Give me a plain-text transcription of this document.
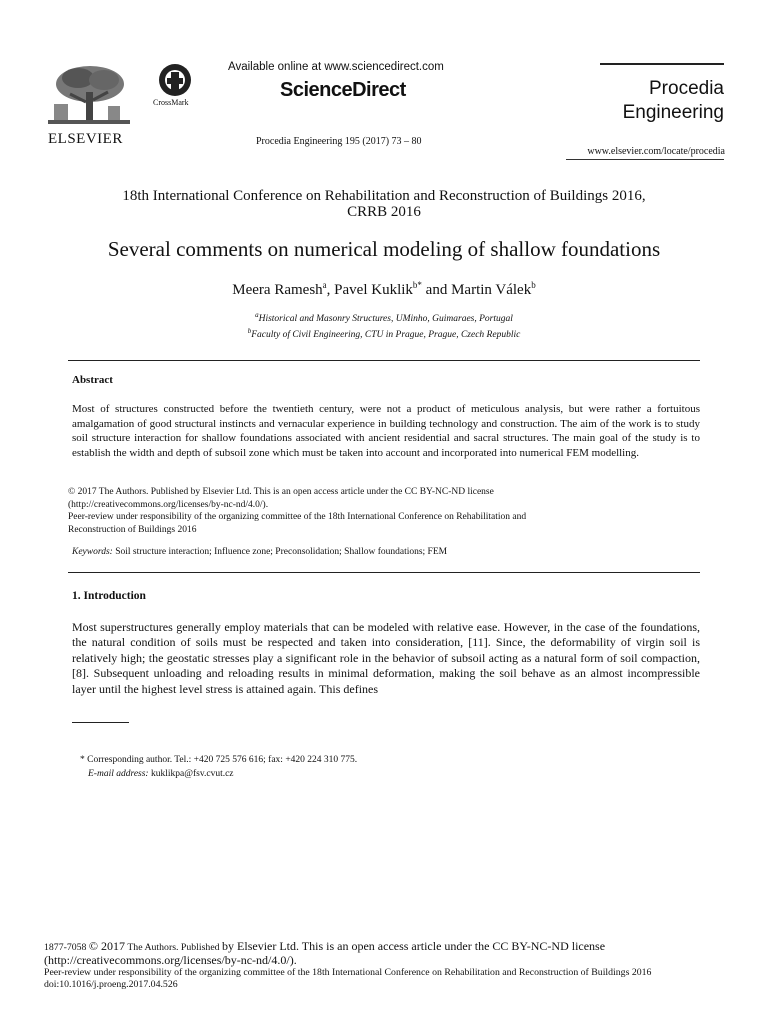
ELSEVIER
CrossMark
Available online at www.sciencedirect.com
ScienceDirect
Procedia Engineering 195 (2017) 73 – 80
Procedia
Engineering
www.elsevier.com/locate/procedia
18th International Conference on Rehabilitation and Reconstruction of Buildings 2016,
CRRB 2016
Several comments on numerical modeling of shallow foundations
Meera Ramesh$^a$, Pavel Kuklik$^{b*}$ and Martin Válek$^b$
$^a$Historical and Masonry Structures, UMinho, Guimaraes, Portugal
$^b$Faculty of Civil Engineering, CTU in Prague, Prague, Czech Republic
Abstract
Most of structures constructed before the twentieth century, were not a product of meticulous analysis, but were rather a fortuitous amalgamation of good structural instincts and vernacular experience in building technology and construction. The aim of the work is to study soil structure interaction for shallow foundations associated with ancient residential and sacral structures. The main goal of the study is to establish the width and depth of subsoil zone which must be taken into account and incorporated into numerical FEM modelling.
© 2017 The Authors. Published by Elsevier Ltd. This is an open access article under the CC BY-NC-ND license
(http://creativecommons.org/licenses/by-nc-nd/4.0/).
Peer-review under responsibility of the organizing committee of the 18th International Conference on Rehabilitation and
Reconstruction of Buildings 2016
Keywords: Soil structure interaction; Influence zone; Preconsolidation; Shallow foundations; FEM
1. Introduction
Most superstructures generally employ materials that can be modeled with relative ease. However, in the case of the foundations, the natural condition of soils must be respected and taken into consideration, [11]. Since, the deformability of virgin soil is relatively high; the geostatic stresses play a significant role in the behavior of subsoil acting as a natural form of soil compaction, [8]. Subsequent unloading and reloading results in minimal deformation, making the soil behave as an almost incompressible layer until the highest level stress is attained again. This defines
* Corresponding author. Tel.: +420 725 576 616; fax: +420 224 310 775.
E-mail address: kuklikpa@fsv.cvut.cz
1877-7058 © 2017 The Authors. Published by Elsevier Ltd. This is an open access article under the CC BY-NC-ND license
(http://creativecommons.org/licenses/by-nc-nd/4.0/).
Peer-review under responsibility of the organizing committee of the 18th International Conference on Rehabilitation and Reconstruction of Buildings 2016
doi:10.1016/j.proeng.2017.04.526
